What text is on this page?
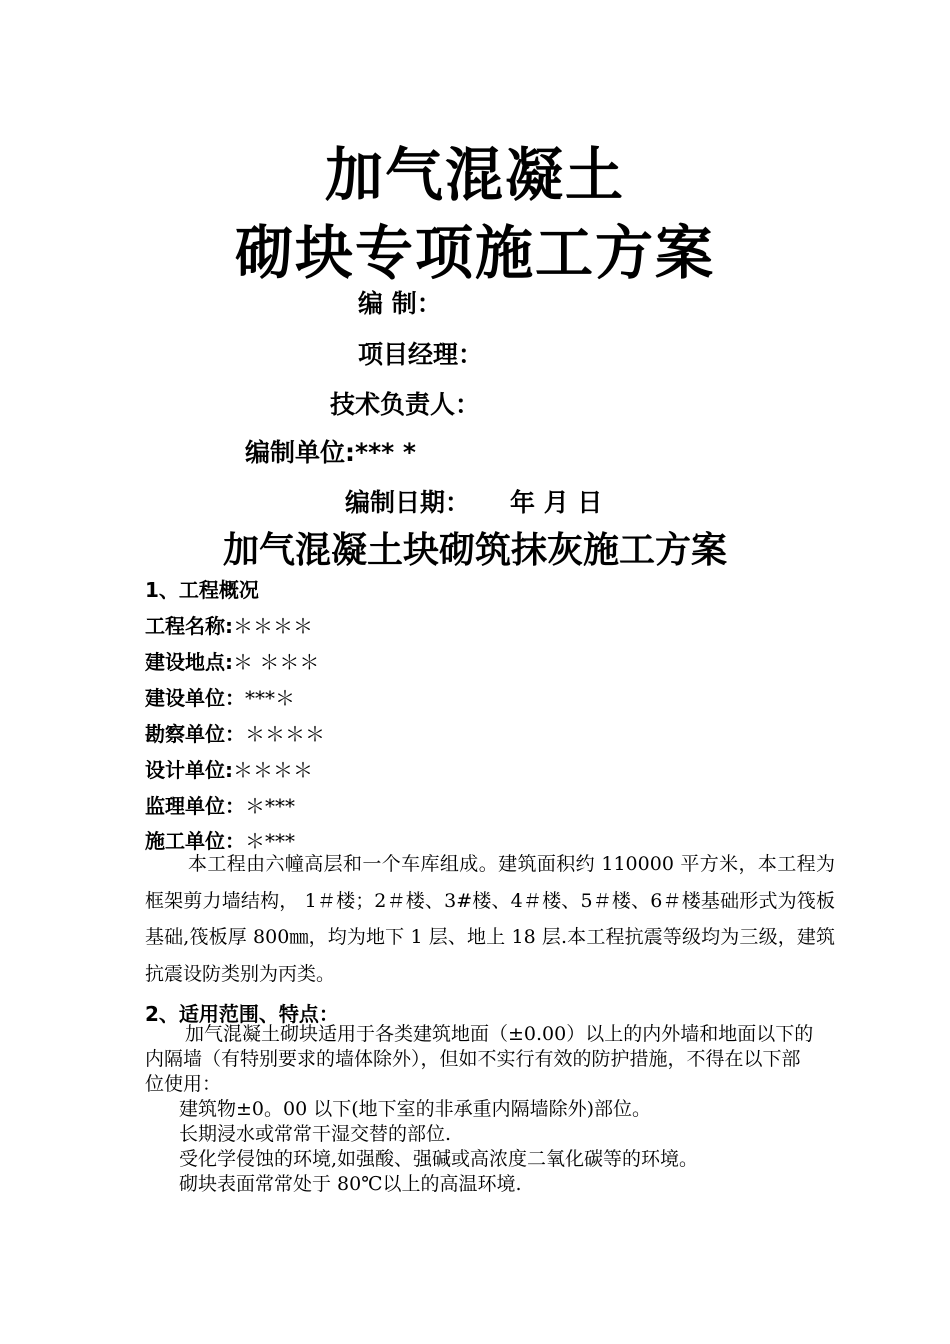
加气混凝土
砌块专项施工方案
编 制：
项目经理：
技术负责人：
编制单位:*** *
编制日期： 年 月 日
加气混凝土块砌筑抹灰施工方案
1、工程概况
工程名称:＊＊＊＊
建设地点:＊ ＊＊＊
建设单位：***＊
勘察单位：＊＊＊＊
设计单位:＊＊＊＊
监理单位：＊***
施工单位：＊***

本工程由六幢高层和一个车库组成。建筑面积约 110000 平方米，本工程为框架剪力墙结构， 1＃楼；2＃楼、3#楼、4＃楼、5＃楼、6＃楼基础形式为筏板基础,筏板厚 800㎜，均为地下 1 层、地上 18 层.本工程抗震等级均为三级，建筑抗震设防类别为丙类。

2、适用范围、特点：

加气混凝土砌块适用于各类建筑地面（±0.00）以上的内外墙和地面以下的内隔墙（有特别要求的墙体除外），但如不实行有效的防护措施，不得在以下部位使用：

建筑物±0。00 以下(地下室的非承重内隔墙除外)部位。

长期浸水或常常干湿交替的部位.

受化学侵蚀的环境,如强酸、强碱或高浓度二氧化碳等的环境。

砌块表面常常处于 80℃以上的高温环境.
